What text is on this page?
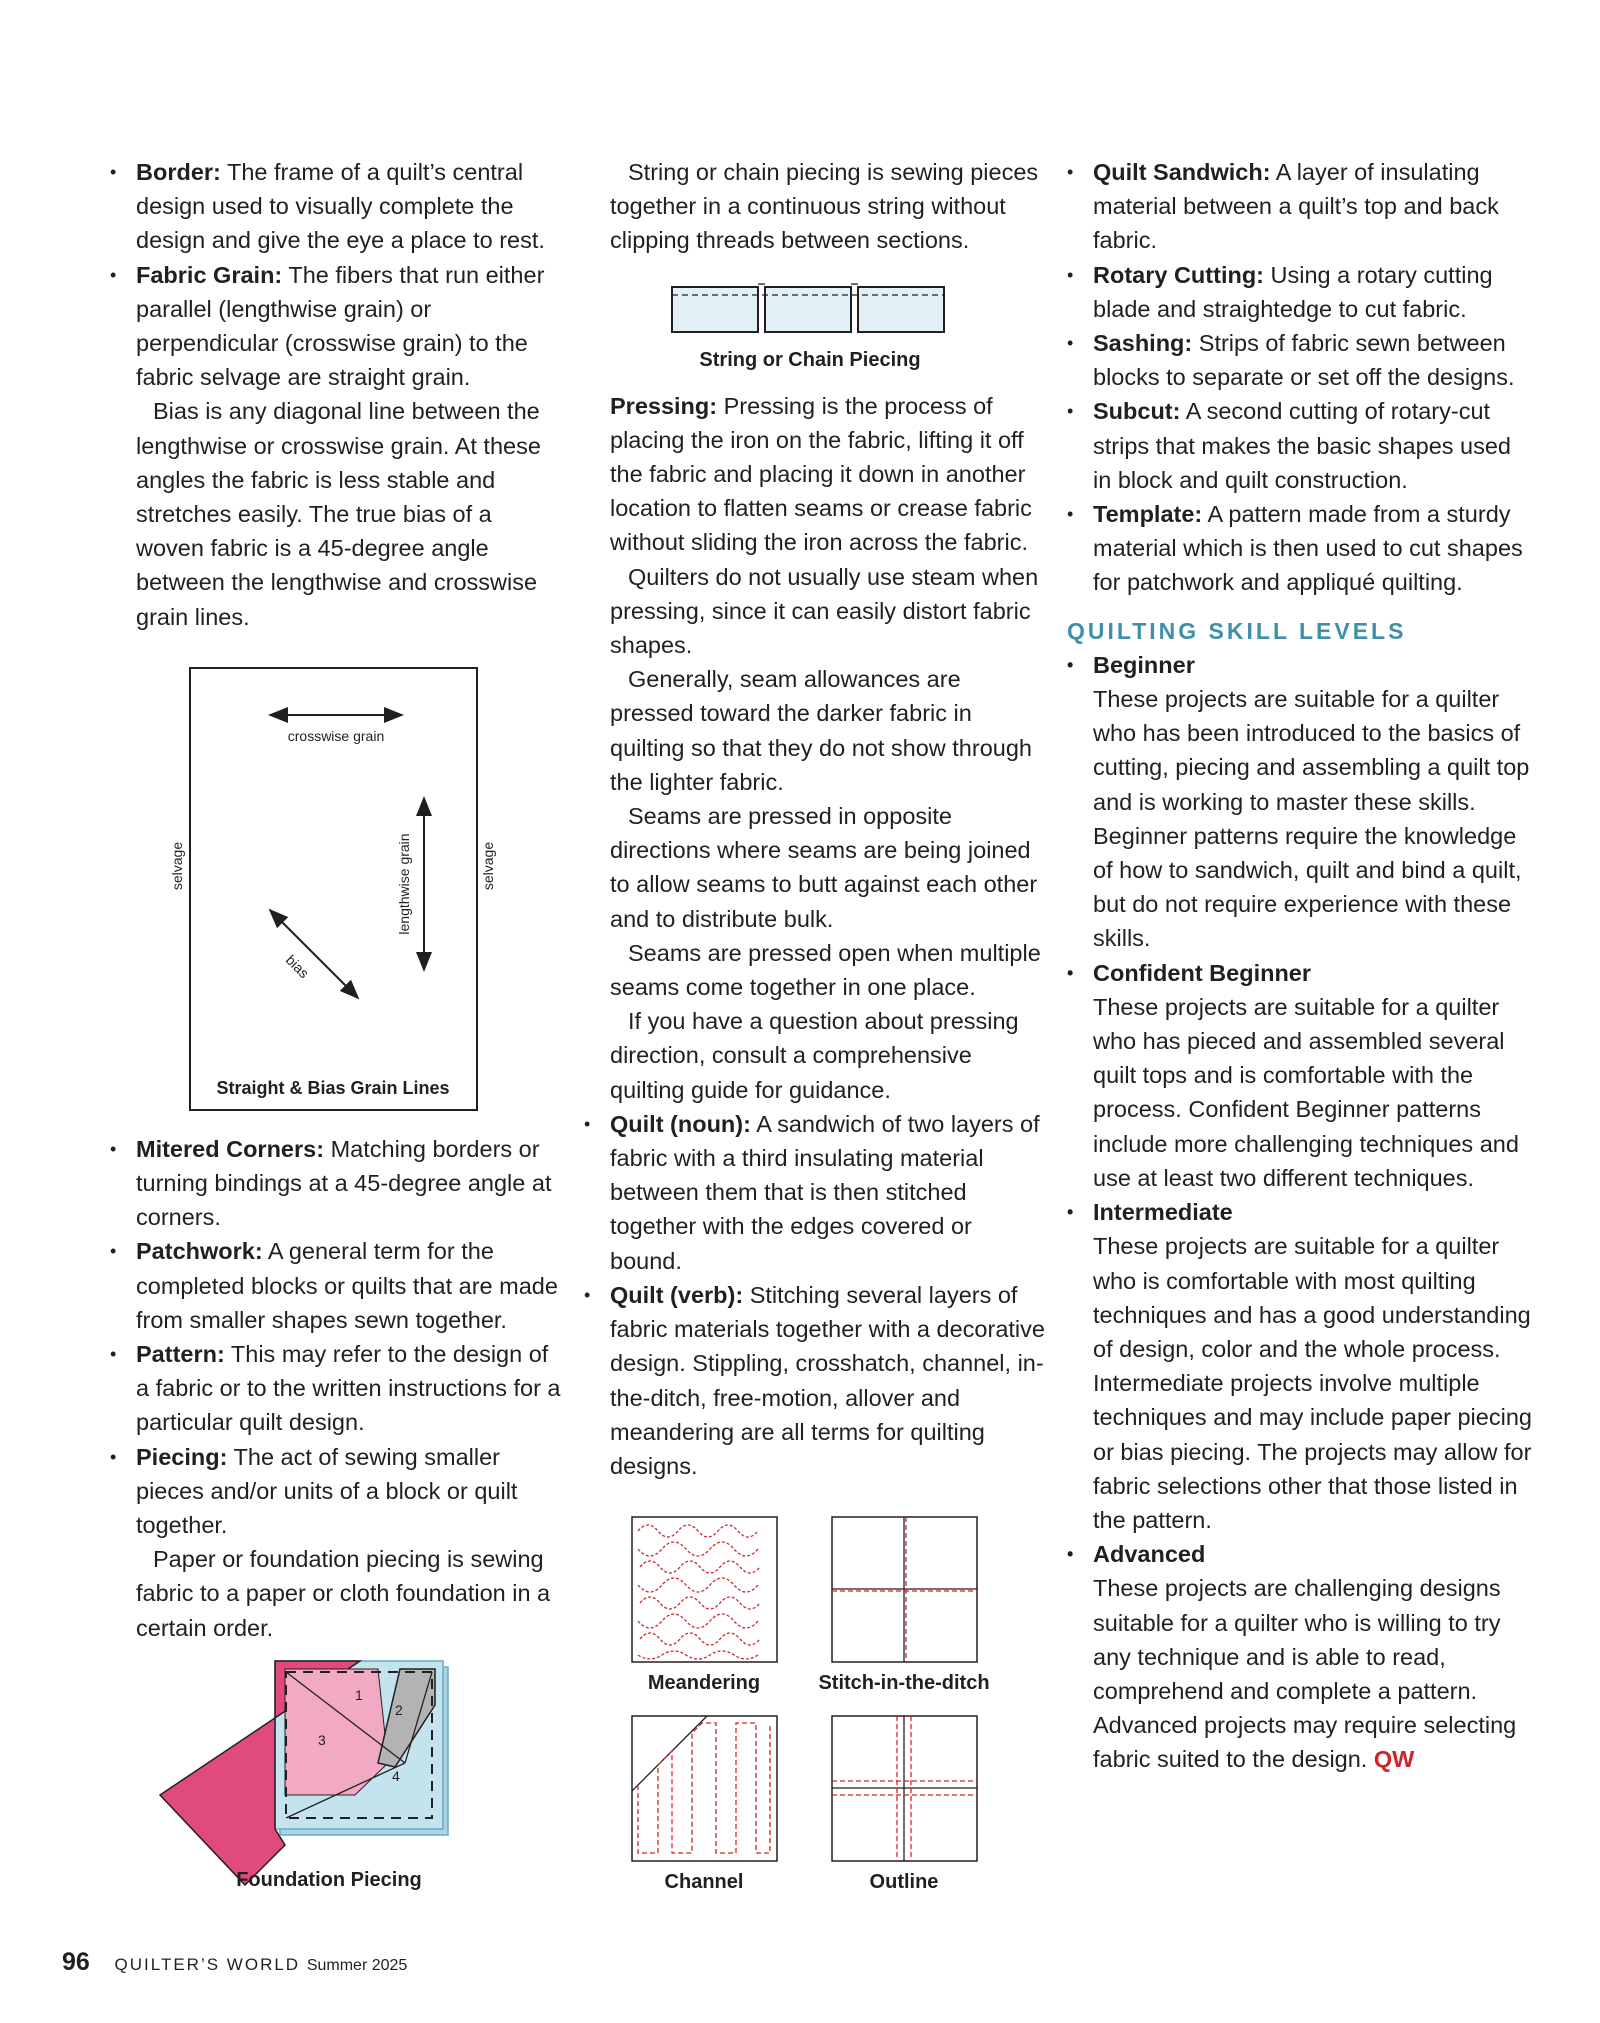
• Border: The frame of a quilt’s central design used to visually complete the design and give the eye a place to rest.
• Fabric Grain: The fibers that run either parallel (lengthwise grain) or perpendicular (crosswise grain) to the fabric selvage are straight grain.
Bias is any diagonal line between the lengthwise or crosswise grain. At these angles the fabric is less stable and stretches easily. The true bias of a woven fabric is a 45-degree angle between the lengthwise and crosswise grain lines.
crosswise grain
lengthwise grain
selvage	selvage
bias
Straight & Bias Grain Lines
• Mitered Corners: Matching borders or turning bindings at a 45-degree angle at corners.
• Patchwork: A general term for the completed blocks or quilts that are made from smaller shapes sewn together.
• Pattern: This may refer to the design of a fabric or to the written instructions for a particular quilt design.
• Piecing: The act of sewing smaller pieces and/or units of a block or quilt together.
Paper or foundation piecing is sewing fabric to a paper or cloth foundation in a certain order.
1
2
3
4
Foundation Piecing
String or chain piecing is sewing pieces together in a continuous string without clipping threads between sections.
String or Chain Piecing
Pressing: Pressing is the process of placing the iron on the fabric, lifting it off the fabric and placing it down in another location to flatten seams or crease fabric without sliding the iron across the fabric.
Quilters do not usually use steam when pressing, since it can easily distort fabric shapes.
Generally, seam allowances are pressed toward the darker fabric in quilting so that they do not show through the lighter fabric.
Seams are pressed in opposite directions where seams are being joined to allow seams to butt against each other and to distribute bulk.
Seams are pressed open when multiple seams come together in one place.
If you have a question about pressing direction, consult a comprehensive quilting guide for guidance.
• Quilt (noun): A sandwich of two layers of fabric with a third insulating material between them that is then stitched together with the edges covered or bound.
• Quilt (verb): Stitching several layers of fabric materials together with a decorative design. Stippling, crosshatch, channel, in-the-ditch, free-motion, allover and meandering are all terms for quilting designs.
Meandering	Stitch-in-the-ditch
Channel	Outline
• Quilt Sandwich: A layer of insulating material between a quilt’s top and back fabric.
• Rotary Cutting: Using a rotary cutting blade and straightedge to cut fabric.
• Sashing: Strips of fabric sewn between blocks to separate or set off the designs.
• Subcut: A second cutting of rotary-cut strips that makes the basic shapes used in block and quilt construction.
• Template: A pattern made from a sturdy material which is then used to cut shapes for patchwork and appliqué quilting.
QUILTING SKILL LEVELS
• Beginner
These projects are suitable for a quilter who has been introduced to the basics of cutting, piecing and assembling a quilt top and is working to master these skills. Beginner patterns require the knowledge of how to sandwich, quilt and bind a quilt, but do not require experience with these skills.
• Confident Beginner
These projects are suitable for a quilter who has pieced and assembled several quilt tops and is comfortable with the process. Confident Beginner patterns include more challenging techniques and use at least two different techniques.
• Intermediate
These projects are suitable for a quilter who is comfortable with most quilting techniques and has a good understanding of design, color and the whole process. Intermediate projects involve multiple techniques and may include paper piecing or bias piecing. The projects may allow for fabric selections other that those listed in the pattern.
• Advanced
These projects are challenging designs suitable for a quilter who is willing to try any technique and is able to read, comprehend and complete a pattern. Advanced projects may require selecting fabric suited to the design. QW
96 QUILTER’S WORLD Summer 2025
